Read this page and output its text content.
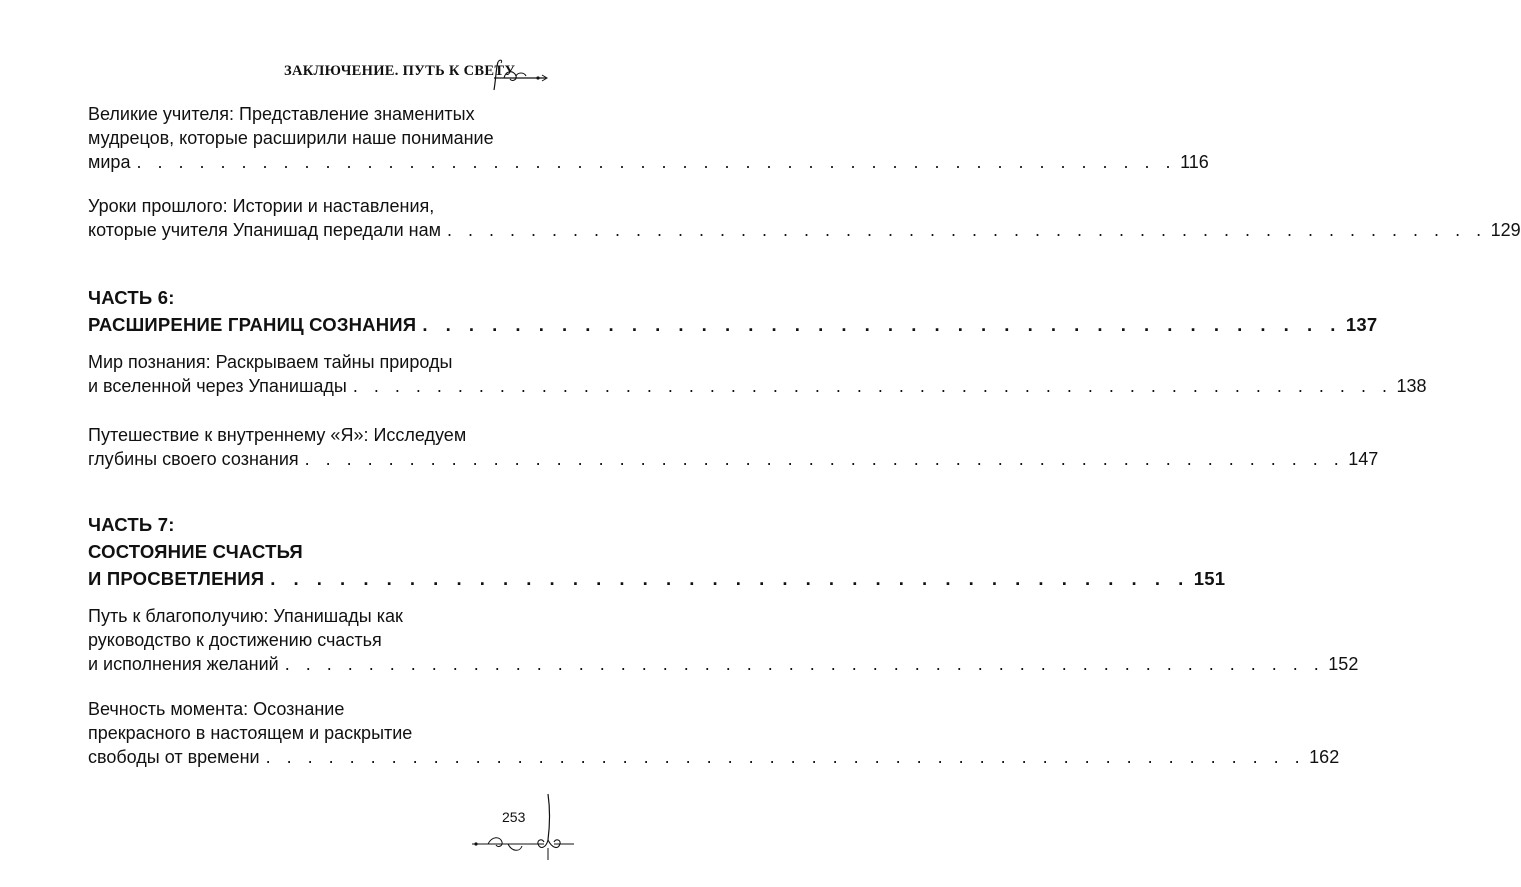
ЗАКЛЮЧЕНИЕ. ПУТЬ К СВЕТУ
Великие учителя: Представление знаменитых
мудрецов, которые расширили наше понимание
мира . . . . . . . . . . . . . . . . . . . . . . . . . . . . . . . . . . . . . . . . . . . . . . . . . . 116
Уроки прошлого: Истории и наставления,
которые учителя Упанишад передали нам . . . . . . . . . . . . . . . . . . . . . . . . . . . . . . . . . . . . . . . . . . . . . . . . . . 129
ЧАСТЬ 6:
РАСШИРЕНИЕ ГРАНИЦ СОЗНАНИЯ . . . . . . . . . . . . . . . . . . . . . . . . . . . . . . . . . . . . . . . . 137
Мир познания: Раскрываем тайны природы
и вселенной через Упанишады . . . . . . . . . . . . . . . . . . . . . . . . . . . . . . . . . . . . . . . . . . . . . . . . . . 138
Путешествие к внутреннему «Я»: Исследуем
глубины своего сознания . . . . . . . . . . . . . . . . . . . . . . . . . . . . . . . . . . . . . . . . . . . . . . . . . . 147
ЧАСТЬ 7:
СОСТОЯНИЕ СЧАСТЬЯ
И ПРОСВЕТЛЕНИЯ . . . . . . . . . . . . . . . . . . . . . . . . . . . . . . . . . . . . . . . . 151
Путь к благополучию: Упанишады как
руководство к достижению счастья
и исполнения желаний . . . . . . . . . . . . . . . . . . . . . . . . . . . . . . . . . . . . . . . . . . . . . . . . . . 152
Вечность момента: Осознание
прекрасного в настоящем и раскрытие
свободы от времени . . . . . . . . . . . . . . . . . . . . . . . . . . . . . . . . . . . . . . . . . . . . . . . . . . 162
253
